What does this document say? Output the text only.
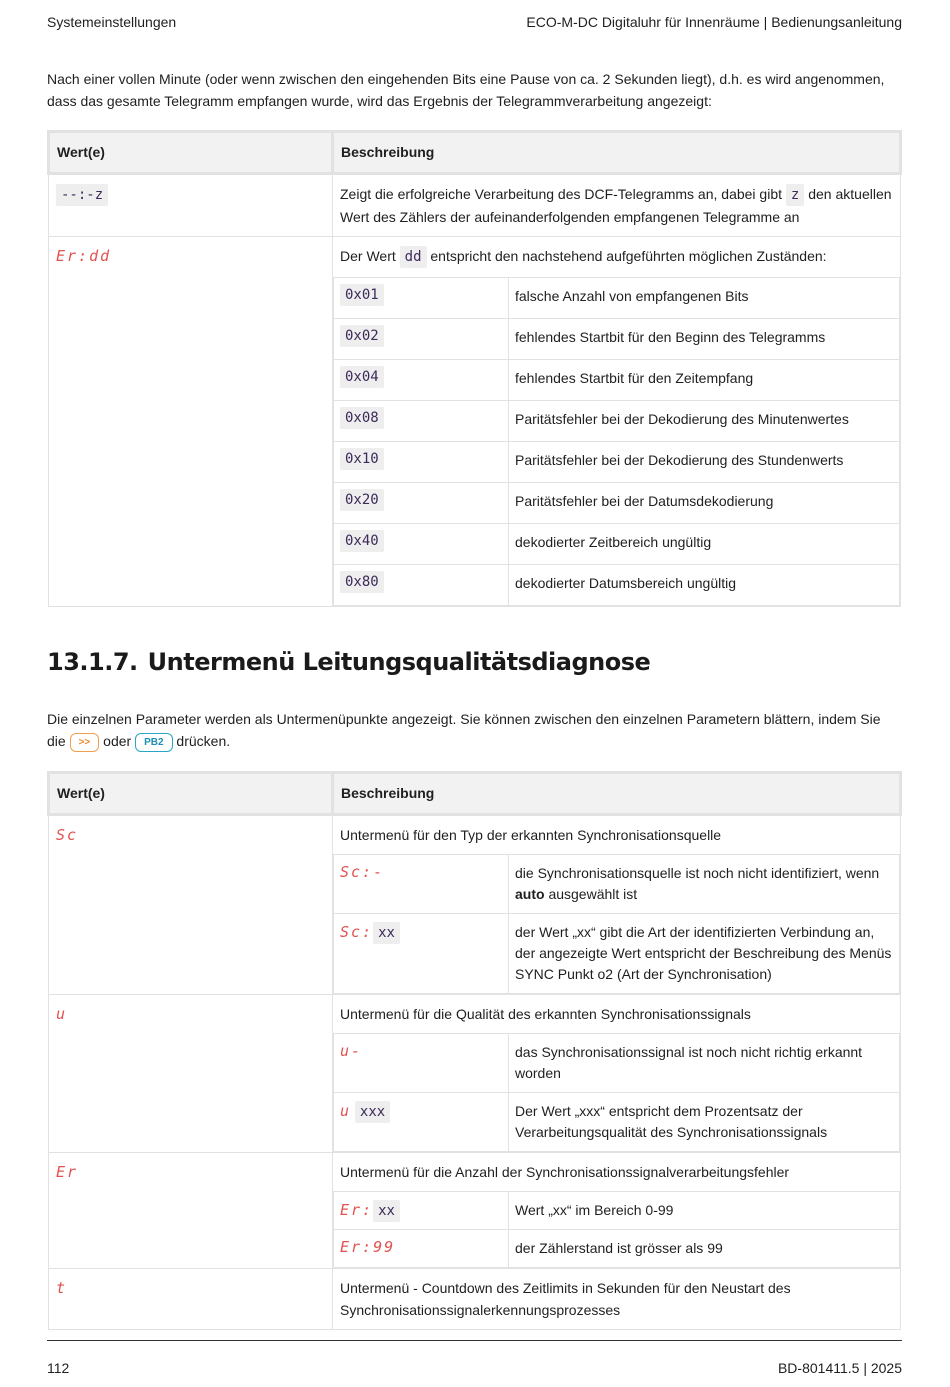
Systemeinstellungen	ECO-M-DC Digitaluhr für Innenräume | Bedienungsanleitung
Nach einer vollen Minute (oder wenn zwischen den eingehenden Bits eine Pause von ca. 2 Sekunden liegt), d.h. es wird angenommen, dass das gesamte Telegramm empfangen wurde, wird das Ergebnis der Telegrammverarbeitung angezeigt:
Wert(e)	Beschreibung

--:-z	Zeigt die erfolgreiche Verarbeitung des DCF-Telegramms an, dabei gibt z den aktuellen Wert des Zählers der aufeinanderfolgenden empfangenen Telegramme an

Er:dd	Der Wert dd entspricht den nachstehend aufgeführten möglichen Zuständen:
0x01	falsche Anzahl von empfangenen Bits
0x02	fehlendes Startbit für den Beginn des Telegramms
0x04	fehlendes Startbit für den Zeitempfang
0x08	Paritätsfehler bei der Dekodierung des Minutenwertes
0x10	Paritätsfehler bei der Dekodierung des Stundenwerts
0x20	Paritätsfehler bei der Datumsdekodierung
0x40	dekodierter Zeitbereich ungültig
0x80	dekodierter Datumsbereich ungültig
13.1.7. Untermenü Leitungsqualitätsdiagnose
Die einzelnen Parameter werden als Untermenüpunkte angezeigt. Sie können zwischen den einzelnen Parametern blättern, indem Sie die >> oder PB2 drücken.
Wert(e)	Beschreibung

Sc	Untermenü für den Typ der erkannten Synchronisationsquelle
Sc:-	die Synchronisationsquelle ist noch nicht identifiziert, wenn auto ausgewählt ist
Sc: xx	der Wert „xx“ gibt die Art der identifizierten Verbindung an, der angezeigte Wert entspricht der Beschreibung des Menüs SYNC Punkt o2 (Art der Synchronisation)

u	Untermenü für die Qualität des erkannten Synchronisationssignals
u-	das Synchronisationssignal ist noch nicht richtig erkannt worden
u xxx	Der Wert „xxx“ entspricht dem Prozentsatz der Verarbeitungsqualität des Synchronisationssignals

Er	Untermenü für die Anzahl der Synchronisationssignalverarbeitungsfehler
Er: xx	Wert „xx“ im Bereich 0-99
Er:99	der Zählerstand ist grösser als 99

t	Untermenü - Countdown des Zeitlimits in Sekunden für den Neustart des Synchronisationssignalerkennungsprozesses
112	BD-801411.5 | 2025
